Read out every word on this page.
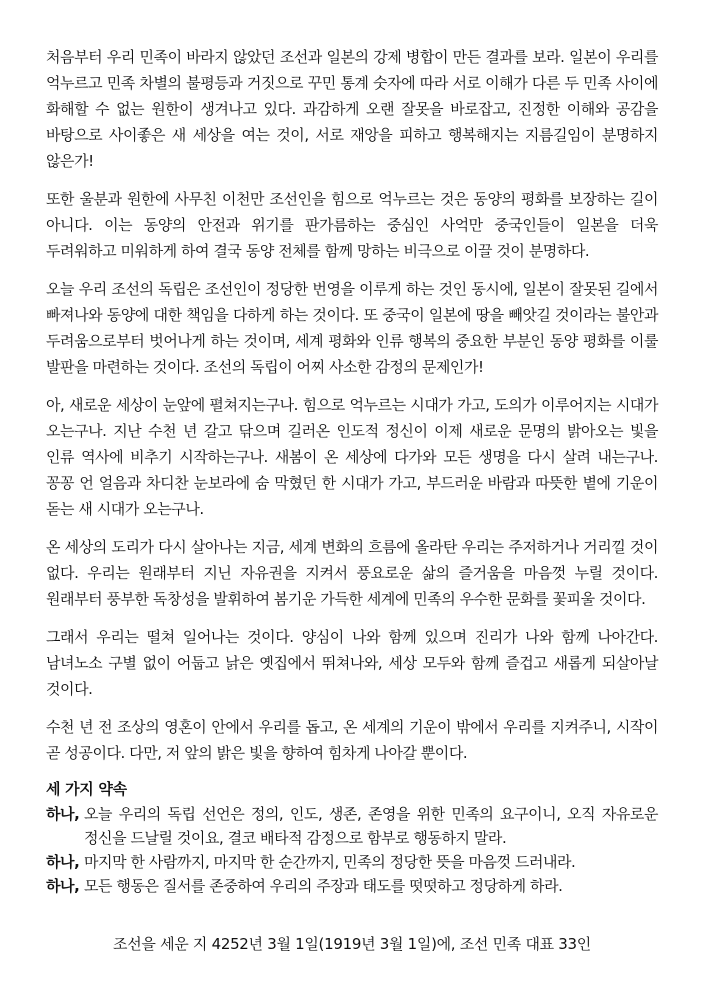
처음부터 우리 민족이 바라지 않았던 조선과 일본의 강제 병합이 만든 결과를 보라. 일본이 우리를 억누르고 민족 차별의 불평등과 거짓으로 꾸민 통계 숫자에 따라 서로 이해가 다른 두 민족 사이에 화해할 수 없는 원한이 생겨나고 있다. 과감하게 오랜 잘못을 바로잡고, 진정한 이해와 공감을 바탕으로 사이좋은 새 세상을 여는 것이, 서로 재앙을 피하고 행복해지는 지름길임이 분명하지 않은가!

또한 울분과 원한에 사무친 이천만 조선인을 힘으로 억누르는 것은 동양의 평화를 보장하는 길이 아니다. 이는 동양의 안전과 위기를 판가름하는 중심인 사억만 중국인들이 일본을 더욱 두려워하고 미워하게 하여 결국 동양 전체를 함께 망하는 비극으로 이끌 것이 분명하다.

오늘 우리 조선의 독립은 조선인이 정당한 번영을 이루게 하는 것인 동시에, 일본이 잘못된 길에서 빠져나와 동양에 대한 책임을 다하게 하는 것이다. 또 중국이 일본에 땅을 빼앗길 것이라는 불안과 두려움으로부터 벗어나게 하는 것이며, 세계 평화와 인류 행복의 중요한 부분인 동양 평화를 이룰 발판을 마련하는 것이다. 조선의 독립이 어찌 사소한 감정의 문제인가!

아, 새로운 세상이 눈앞에 펼쳐지는구나. 힘으로 억누르는 시대가 가고, 도의가 이루어지는 시대가 오는구나. 지난 수천 년 갈고 닦으며 길러온 인도적 정신이 이제 새로운 문명의 밝아오는 빛을 인류 역사에 비추기 시작하는구나. 새봄이 온 세상에 다가와 모든 생명을 다시 살려 내는구나. 꽁꽁 언 얼음과 차디찬 눈보라에 숨 막혔던 한 시대가 가고, 부드러운 바람과 따뜻한 볕에 기운이 돋는 새 시대가 오는구나.

온 세상의 도리가 다시 살아나는 지금, 세계 변화의 흐름에 올라탄 우리는 주저하거나 거리낄 것이 없다. 우리는 원래부터 지닌 자유권을 지켜서 풍요로운 삶의 즐거움을 마음껏 누릴 것이다. 원래부터 풍부한 독창성을 발휘하여 봄기운 가득한 세계에 민족의 우수한 문화를 꽃피울 것이다.

그래서 우리는 떨쳐 일어나는 것이다. 양심이 나와 함께 있으며 진리가 나와 함께 나아간다. 남녀노소 구별 없이 어둡고 낡은 옛집에서 뛰쳐나와, 세상 모두와 함께 즐겁고 새롭게 되살아날 것이다.

수천 년 전 조상의 영혼이 안에서 우리를 돕고, 온 세계의 기운이 밖에서 우리를 지켜주니, 시작이 곧 성공이다. 다만, 저 앞의 밝은 빛을 향하여 힘차게 나아갈 뿐이다.

세 가지 약속
하나, 오늘 우리의 독립 선언은 정의, 인도, 생존, 존영을 위한 민족의 요구이니, 오직 자유로운 정신을 드날릴 것이요, 결코 배타적 감정으로 함부로 행동하지 말라.
하나, 마지막 한 사람까지, 마지막 한 순간까지, 민족의 정당한 뜻을 마음껏 드러내라.
하나, 모든 행동은 질서를 존중하여 우리의 주장과 태도를 떳떳하고 정당하게 하라.
조선을 세운 지 4252년 3월 1일(1919년 3월 1일)에, 조선 민족 대표 33인
